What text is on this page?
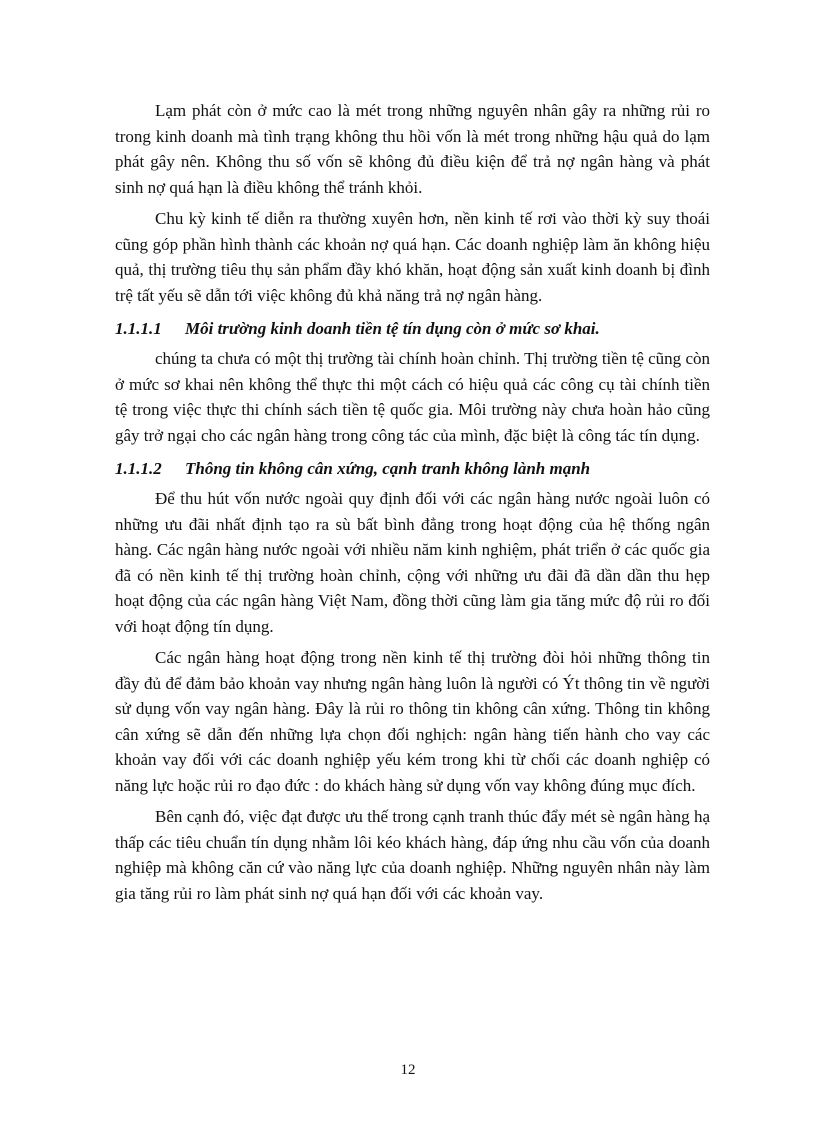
Lạm phát còn ở mức cao là mét trong những nguyên nhân gây ra những rủi ro trong kinh doanh mà tình trạng không thu hồi vốn là mét trong những hậu quả do lạm phát gây nên. Không thu số vốn sẽ không đủ điều kiện để trả nợ ngân hàng và phát sinh nợ quá hạn là điều không thể tránh khỏi.

Chu kỳ kinh tế diễn ra thường xuyên hơn, nền kinh tế rơi vào thời kỳ suy thoái cũng góp phần hình thành các khoản nợ quá hạn. Các doanh nghiệp làm ăn không hiệu quả, thị trường tiêu thụ sản phẩm đầy khó khăn, hoạt động sản xuất kinh doanh bị đình trệ tất yếu sẽ dẫn tới việc không đủ khả năng trả nợ ngân hàng.

1.1.1.1	Môi trường kinh doanh tiền tệ tín dụng còn ở mức sơ khai.

chúng ta chưa có một thị trường tài chính hoàn chỉnh. Thị trường tiền tệ cũng còn ở mức sơ khai nên không thể thực thi một cách có hiệu quả các công cụ tài chính tiền tệ trong việc thực thi chính sách tiền tệ quốc gia. Môi trường này chưa hoàn hảo cũng gây trở ngại cho các ngân hàng trong công tác của mình, đặc biệt là công tác tín dụng.

1.1.1.2	Thông tin không cân xứng, cạnh tranh không lành mạnh

Để thu hút vốn nước ngoài quy định đối với các ngân hàng nước ngoài luôn có những ưu đãi nhất định tạo ra sù bất bình đẳng trong hoạt động của hệ thống ngân hàng. Các ngân hàng nước ngoài với nhiều năm kinh nghiệm, phát triển ở các quốc gia đã có nền kinh tế thị trường hoàn chỉnh, cộng với những ưu đãi đã dần dần thu hẹp hoạt động của các ngân hàng Việt Nam, đồng thời cũng làm gia tăng mức độ rủi ro đối với hoạt động tín dụng.

Các ngân hàng hoạt động trong nền kinh tế thị trường đòi hỏi những thông tin đầy đủ để đảm bảo khoản vay nhưng ngân hàng luôn là người có Ýt thông tin về người sử dụng vốn vay ngân hàng. Đây là rủi ro thông tin không cân xứng. Thông tin không cân xứng sẽ dẫn đến những lựa chọn đối nghịch: ngân hàng tiến hành cho vay các khoản vay đối với các doanh nghiệp yếu kém trong khi từ chối các doanh nghiệp có năng lực hoặc rủi ro đạo đức : do khách hàng sử dụng vốn vay không đúng mục đích.

Bên cạnh đó, việc đạt được ưu thế trong cạnh tranh thúc đẩy mét sè ngân hàng hạ thấp các tiêu chuẩn tín dụng nhằm lôi kéo khách hàng, đáp ứng nhu cầu vốn của doanh nghiệp mà không căn cứ vào năng lực của doanh nghiệp. Những nguyên nhân này làm gia tăng rủi ro làm phát sinh nợ quá hạn đối với các khoản vay.

12
